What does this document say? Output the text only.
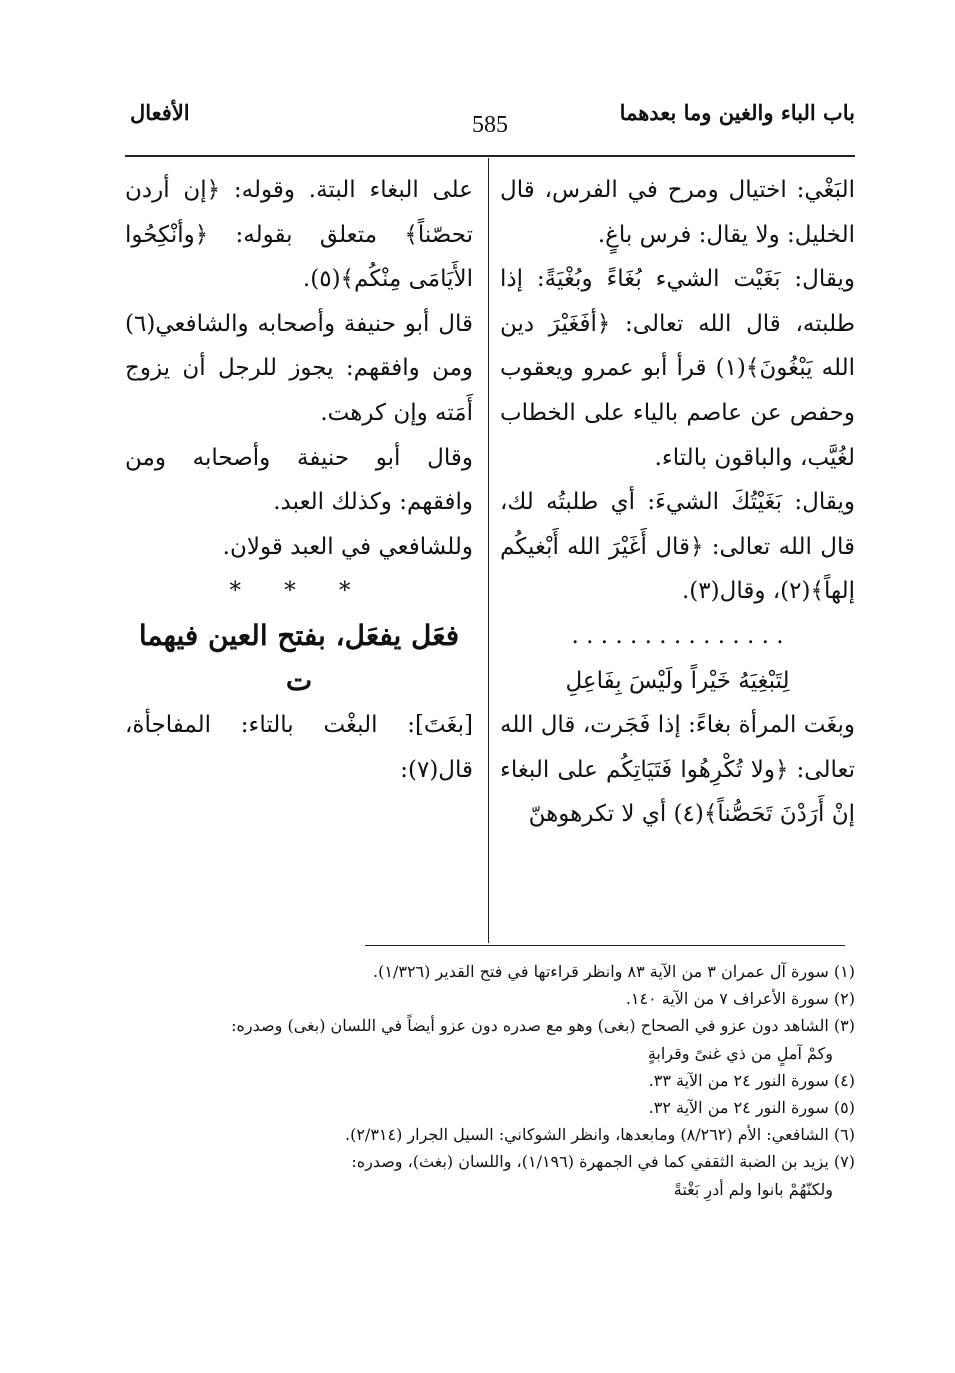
باب الباء والغين وما بعدهما
585
الأفعال

البَغْي: اختيال ومرح في الفرس، قال الخليل: ولا يقال: فرس باغٍ.

ويقال: بَغَيْت الشيء بُغَاءً وبُغْيَةً: إذا طلبته، قال الله تعالى: ﴿أفَغَيْرَ دين الله يَبْغُونَ﴾(١) قرأ أبو عمرو ويعقوب وحفص عن عاصم بالياء على الخطاب لغُيَّب، والباقون بالتاء.

ويقال: بَغَيْتُكَ الشيءَ: أي طلبتُه لك، قال الله تعالى: ﴿قال أَغَيْرَ الله أَبْغيكُم إلهاً﴾(٢)، وقال(٣).

. . . . . . . . . . . . . . .

لِتَبْغِيَهُ خَيْراً ولَيْسَ بِفَاعِلِ

وبغَت المرأة بغاءً: إذا فَجَرت، قال الله تعالى: ﴿ولا تُكْرِهُوا فَتَيَاتِكُم على البغاء إنْ أَرَدْنَ تَحَصُّناً﴾(٤) أي لا تكرهوهنّ

على البغاء البتة. وقوله: ﴿إن أردن تحصّناً﴾ متعلق بقوله: ﴿وأنْكِحُوا الأَيَامَى مِنْكُم﴾(٥).

قال أبو حنيفة وأصحابه والشافعي(٦) ومن وافقهم: يجوز للرجل أن يزوج أَمَته وإن كرهت.

وقال أبو حنيفة وأصحابه ومن وافقهم: وكذلك العبد.

وللشافعي في العبد قولان.

* * *

فعَل يفعَل، بفتح العين فيهما

ت

[بغَتَ]: البغْت بالتاء: المفاجأة، قال(٧):

(١) سورة آل عمران ٣ من الآية ٨٣ وانظر قراءتها في فتح القدير (١/٣٢٦).

(٢) سورة الأعراف ٧ من الآية ١٤٠.

(٣) الشاهد دون عزو في الصحاح (بغى) وهو مع صدره دون عزو أيضاً في اللسان (بغى) وصدره:

وكمْ آملٍ من ذي غنىً وقرابةٍ

(٤) سورة النور ٢٤ من الآية ٣٣.

(٥) سورة النور ٢٤ من الآية ٣٢.

(٦) الشافعي: الأم (٨/٢٦٢) ومابعدها، وانظر الشوكاني: السيل الجرار (٢/٣١٤).

(٧) يزيد بن الضبة الثقفي كما في الجمهرة (١/١٩٦)، واللسان (بغث)، وصدره:

ولكنّهُمْ بانوا ولم أدرِ بَغْتةً
